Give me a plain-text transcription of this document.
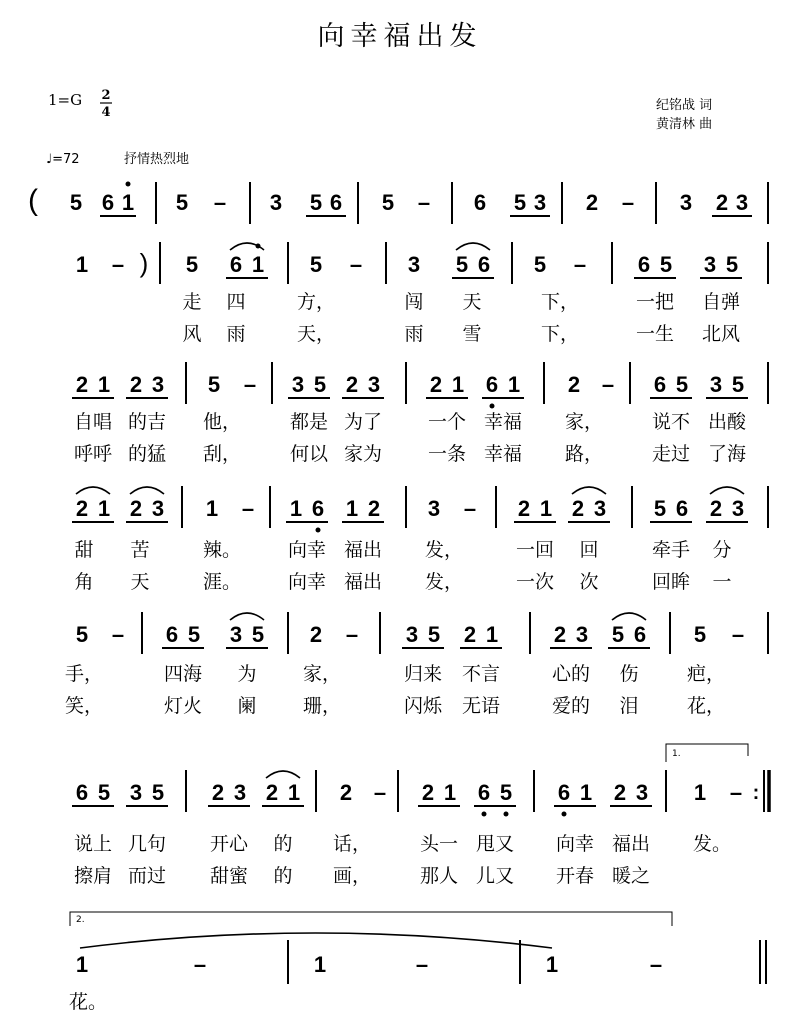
向幸福出发
1=G 2
4	纪铭战 词
黄清林 曲
♩=72	抒情热烈地
( 5 6 1 5 – 3 5 6 5 – 6 5 3 2 – 3 2 3
1 – ) 5 6 1 5 – 3 5 6 5 – 6 5 3 5
走 四	方，	闯 天	下，	一把 自弹
风 雨	天，	雨 雪	下，	一生 北风
2 1 2 3 5 – 3 5 2 3 2 1 6 1 2 – 6 5 3 5
自唱 的吉 他，	都是 为了 一个 幸福 家，	说不 出酸
呼呼 的猛 刮，	何以 家为 一条 幸福 路，	走过 了海
2 1 2 3 1 – 1 6 1 2 3 – 2 1 2 3 5 6 2 3
甜 苦	辣。 向幸 福出 发，	一回 回	牵手 分
角 天	涯。 向幸 福出 发，	一次 次	回眸 一
5 – 6 5 3 5 2 – 3 5 2 1	2 3 5 6 5 –
手，	四海 为 家，	归来 不言	心的 伤	疤，
笑，	灯火 阑 珊，	闪烁 无语	爱的 泪	花，
1.
6 5 3 5 2 3 2 1 2 – 2 1 6 5 6 1 2 3 1 – :
说上 几句 开心 的 话，	头一 甩又 向幸 福出 发。
擦肩 而过 甜蜜 的 画，	那人 儿又 开春 暖之
2.
1	–	1	–	1	–
花。
